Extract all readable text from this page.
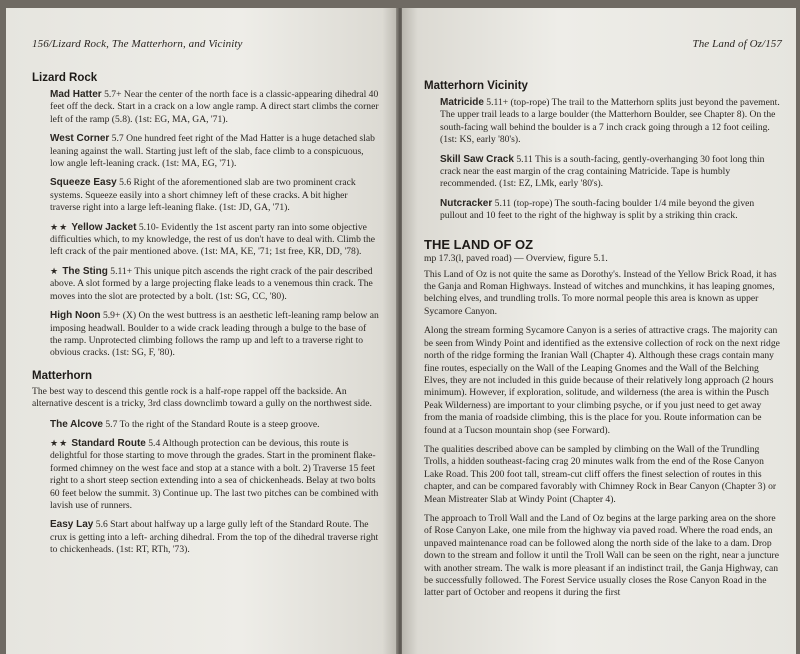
156/Lizard Rock, The Matterhorn, and Vicinity
Lizard Rock

Mad Hatter 5.7+ Near the center of the north face is a classic-appearing dihedral 40 feet off the deck. Start in a crack on a low angle ramp. A direct start climbs the corner left of the ramp (5.8). (1st: EG, MA, GA, '71).

West Corner 5.7 One hundred feet right of the Mad Hatter is a huge detached slab leaning against the wall. Starting just left of the slab, face climb to a conspicuous, low angle left-leaning crack. (1st: MA, EG, '71).

Squeeze Easy 5.6 Right of the aforementioned slab are two prominent crack systems. Squeeze easily into a short chimney left of these cracks. A bit higher traverse right into a large left-leaning flake. (1st: JD, GA, '71).

★★ Yellow Jacket 5.10- Evidently the 1st ascent party ran into some objective difficulties which, to my knowledge, the rest of us don't have to deal with. Climb the left crack of the pair mentioned above. (1st: MA, KE, '71; 1st free, KR, DD, '78).

★ The Sting 5.11+ This unique pitch ascends the right crack of the pair described above. A slot formed by a large projecting flake leads to a venemous thin crack. The moves into the slot are protected by a bolt. (1st: SG, CC, '80).

High Noon 5.9+ (X) On the west buttress is an aesthetic left-leaning ramp below an imposing headwall. Boulder to a wide crack leading through a bulge to the base of the ramp. Unprotected climbing follows the ramp up and left to a traverse right to obvious cracks. (1st: SG, F, '80).

Matterhorn

The best way to descend this gentle rock is a half-rope rappel off the backside. An alternative descent is a tricky, 3rd class downclimb toward a gully on the northwest side.

The Alcove 5.7 To the right of the Standard Route is a steep groove.

★★ Standard Route 5.4 Although protection can be devious, this route is delightful for those starting to move through the grades. Start in the prominent flake-formed chimney on the west face and stop at a stance with a bolt. 2) Traverse 15 feet right to a short steep section extending into a sea of chickenheads. Belay at two bolts 60 feet below the summit. 3) Continue up. The last two pitches can be combined with lavish use of runners.

Easy Lay 5.6 Start about halfway up a large gully left of the Standard Route. The crux is getting into a left- arching dihedral. From the top of the dihedral traverse right to chickenheads. (1st: RT, RTh, '73).

The Land of Oz/157
Matterhorn Vicinity

Matricide 5.11+ (top-rope) The trail to the Matterhorn splits just beyond the pavement. The upper trail leads to a large boulder (the Matterhorn Boulder, see Chapter 8). On the south-facing wall behind the boulder is a 7 inch crack going through a 12 foot ceiling. (1st: KS, early '80's).

Skill Saw Crack 5.11 This is a south-facing, gently-overhanging 30 foot long thin crack near the east margin of the crag containing Matricide. Tape is humbly recommended. (1st: EZ, LMk, early '80's).

Nutcracker 5.11 (top-rope) The south-facing boulder 1/4 mile beyond the given pullout and 10 feet to the right of the highway is split by a striking thin crack.

THE LAND OF OZ

mp 17.3(l, paved road) — Overview, figure 5.1.

This Land of Oz is not quite the same as Dorothy's. Instead of the Yellow Brick Road, it has the Ganja and Roman Highways. Instead of witches and munchkins, it has leaping gnomes, belching elves, and trundling trolls. To more normal people this area is known as upper Sycamore Canyon.

Along the stream forming Sycamore Canyon is a series of attractive crags. The majority can be seen from Windy Point and identified as the extensive collection of rock on the next ridge north of the ridge forming the Iranian Wall (Chapter 4). Although these crags contain many fine routes, especially on the Wall of the Leaping Gnomes and the Wall of the Belching Elves, they are not included in this guide because of their relatively long approach (2 hours minimum). However, if exploration, solitude, and wilderness (the area is within the Pusch Peak Wilderness) are important to your climbing psyche, or if you just need to get away from the mania of roadside climbing, this is the place for you. Route information can be found at a Tucson mountain shop (see Forward).

The qualities described above can be sampled by climbing on the Wall of the Trundling Trolls, a hidden southeast-facing crag 20 minutes walk from the end of the Rose Canyon Lake Road. This 200 foot tall, stream-cut cliff offers the finest selection of routes in this chapter, and can be compared favorably with Chimney Rock in Bear Canyon (Chapter 3) or Mean Mistreater Slab at Windy Point (Chapter 4).

The approach to Troll Wall and the Land of Oz begins at the large parking area on the shore of Rose Canyon Lake, one mile from the highway via paved road. Where the road ends, an unpaved maintenance road can be followed along the north side of the lake to a dam. Drop down to the stream and follow it until the Troll Wall can be seen on the right, near a juncture with another stream. The walk is more pleasant if an indistinct trail, the Ganja Highway, can be successfully followed. The Forest Service usually closes the Rose Canyon Road in the latter part of October and reopens it during the first
